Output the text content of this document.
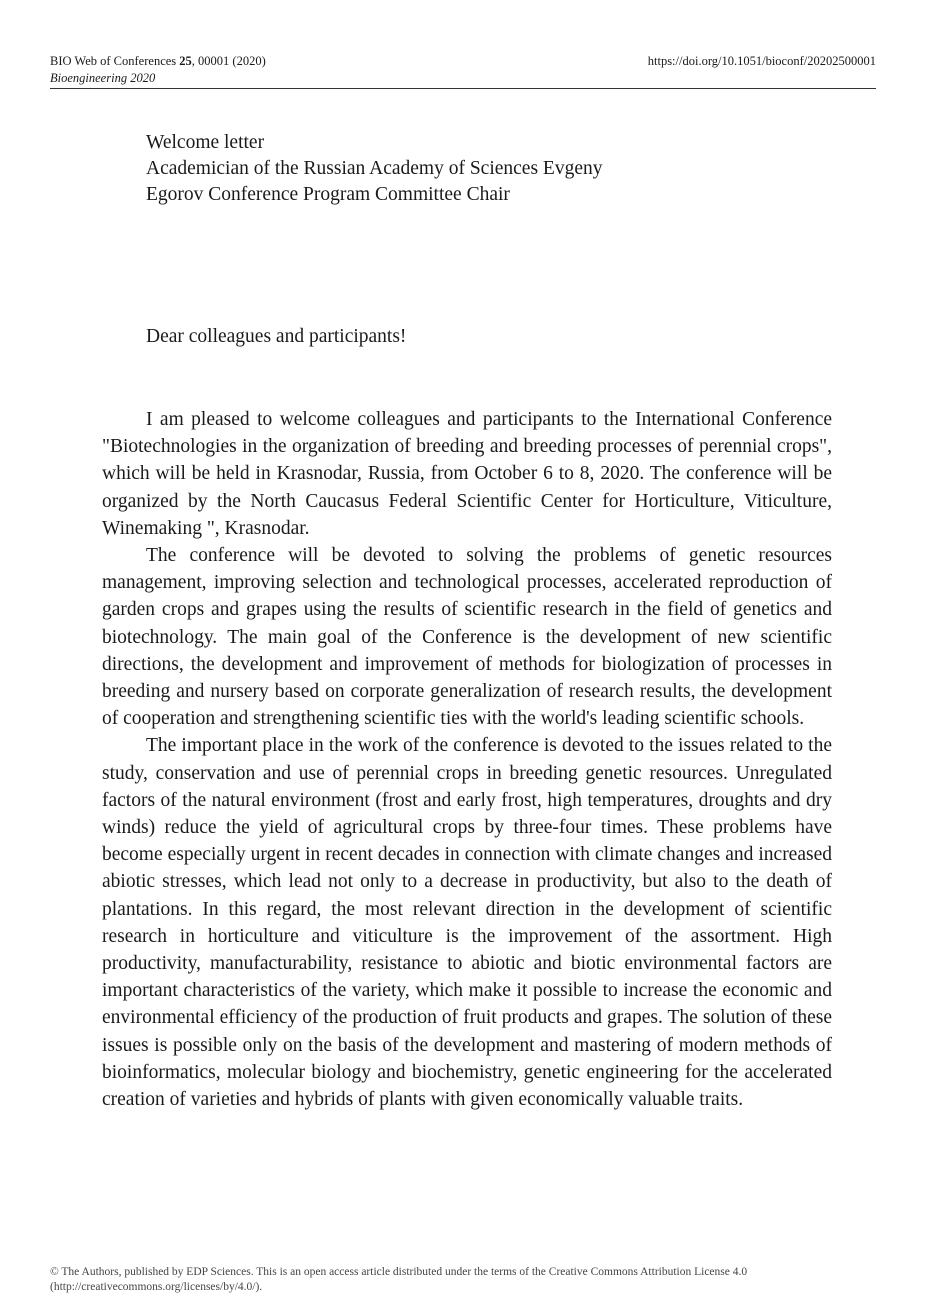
BIO Web of Conferences 25, 00001 (2020)
Bioengineering 2020
https://doi.org/10.1051/bioconf/20202500001
Welcome letter
Academician of the Russian Academy of Sciences Evgeny
Egorov Conference Program Committee Chair
Dear colleagues and participants!

I am pleased to welcome colleagues and participants to the International Conference "Biotechnologies in the organization of breeding and breeding processes of perennial crops", which will be held in Krasnodar, Russia, from October 6 to 8, 2020. The conference will be organized by the North Caucasus Federal Scientific Center for Horticulture, Viticulture, Winemaking ", Krasnodar.

The conference will be devoted to solving the problems of genetic resources management, improving selection and technological processes, accelerated reproduction of garden crops and grapes using the results of scientific research in the field of genetics and biotechnology. The main goal of the Conference is the development of new scientific directions, the development and improvement of methods for biologization of processes in breeding and nursery based on corporate generalization of research results, the development of cooperation and strengthening scientific ties with the world's leading scientific schools.

The important place in the work of the conference is devoted to the issues related to the study, conservation and use of perennial crops in breeding genetic resources. Unregulated factors of the natural environment (frost and early frost, high temperatures, droughts and dry winds) reduce the yield of agricultural crops by three-four times. These problems have become especially urgent in recent decades in connection with climate changes and increased abiotic stresses, which lead not only to a decrease in productivity, but also to the death of plantations. In this regard, the most relevant direction in the development of scientific research in horticulture and viticulture is the improvement of the assortment. High productivity, manufacturability, resistance to abiotic and biotic environmental factors are important characteristics of the variety, which make it possible to increase the economic and environmental efficiency of the production of fruit products and grapes. The solution of these issues is possible only on the basis of the development and mastering of modern methods of bioinformatics, molecular biology and biochemistry, genetic engineering for the accelerated creation of varieties and hybrids of plants with given economically valuable traits.

© The Authors, published by EDP Sciences. This is an open access article distributed under the terms of the Creative Commons Attribution License 4.0
(http://creativecommons.org/licenses/by/4.0/).
